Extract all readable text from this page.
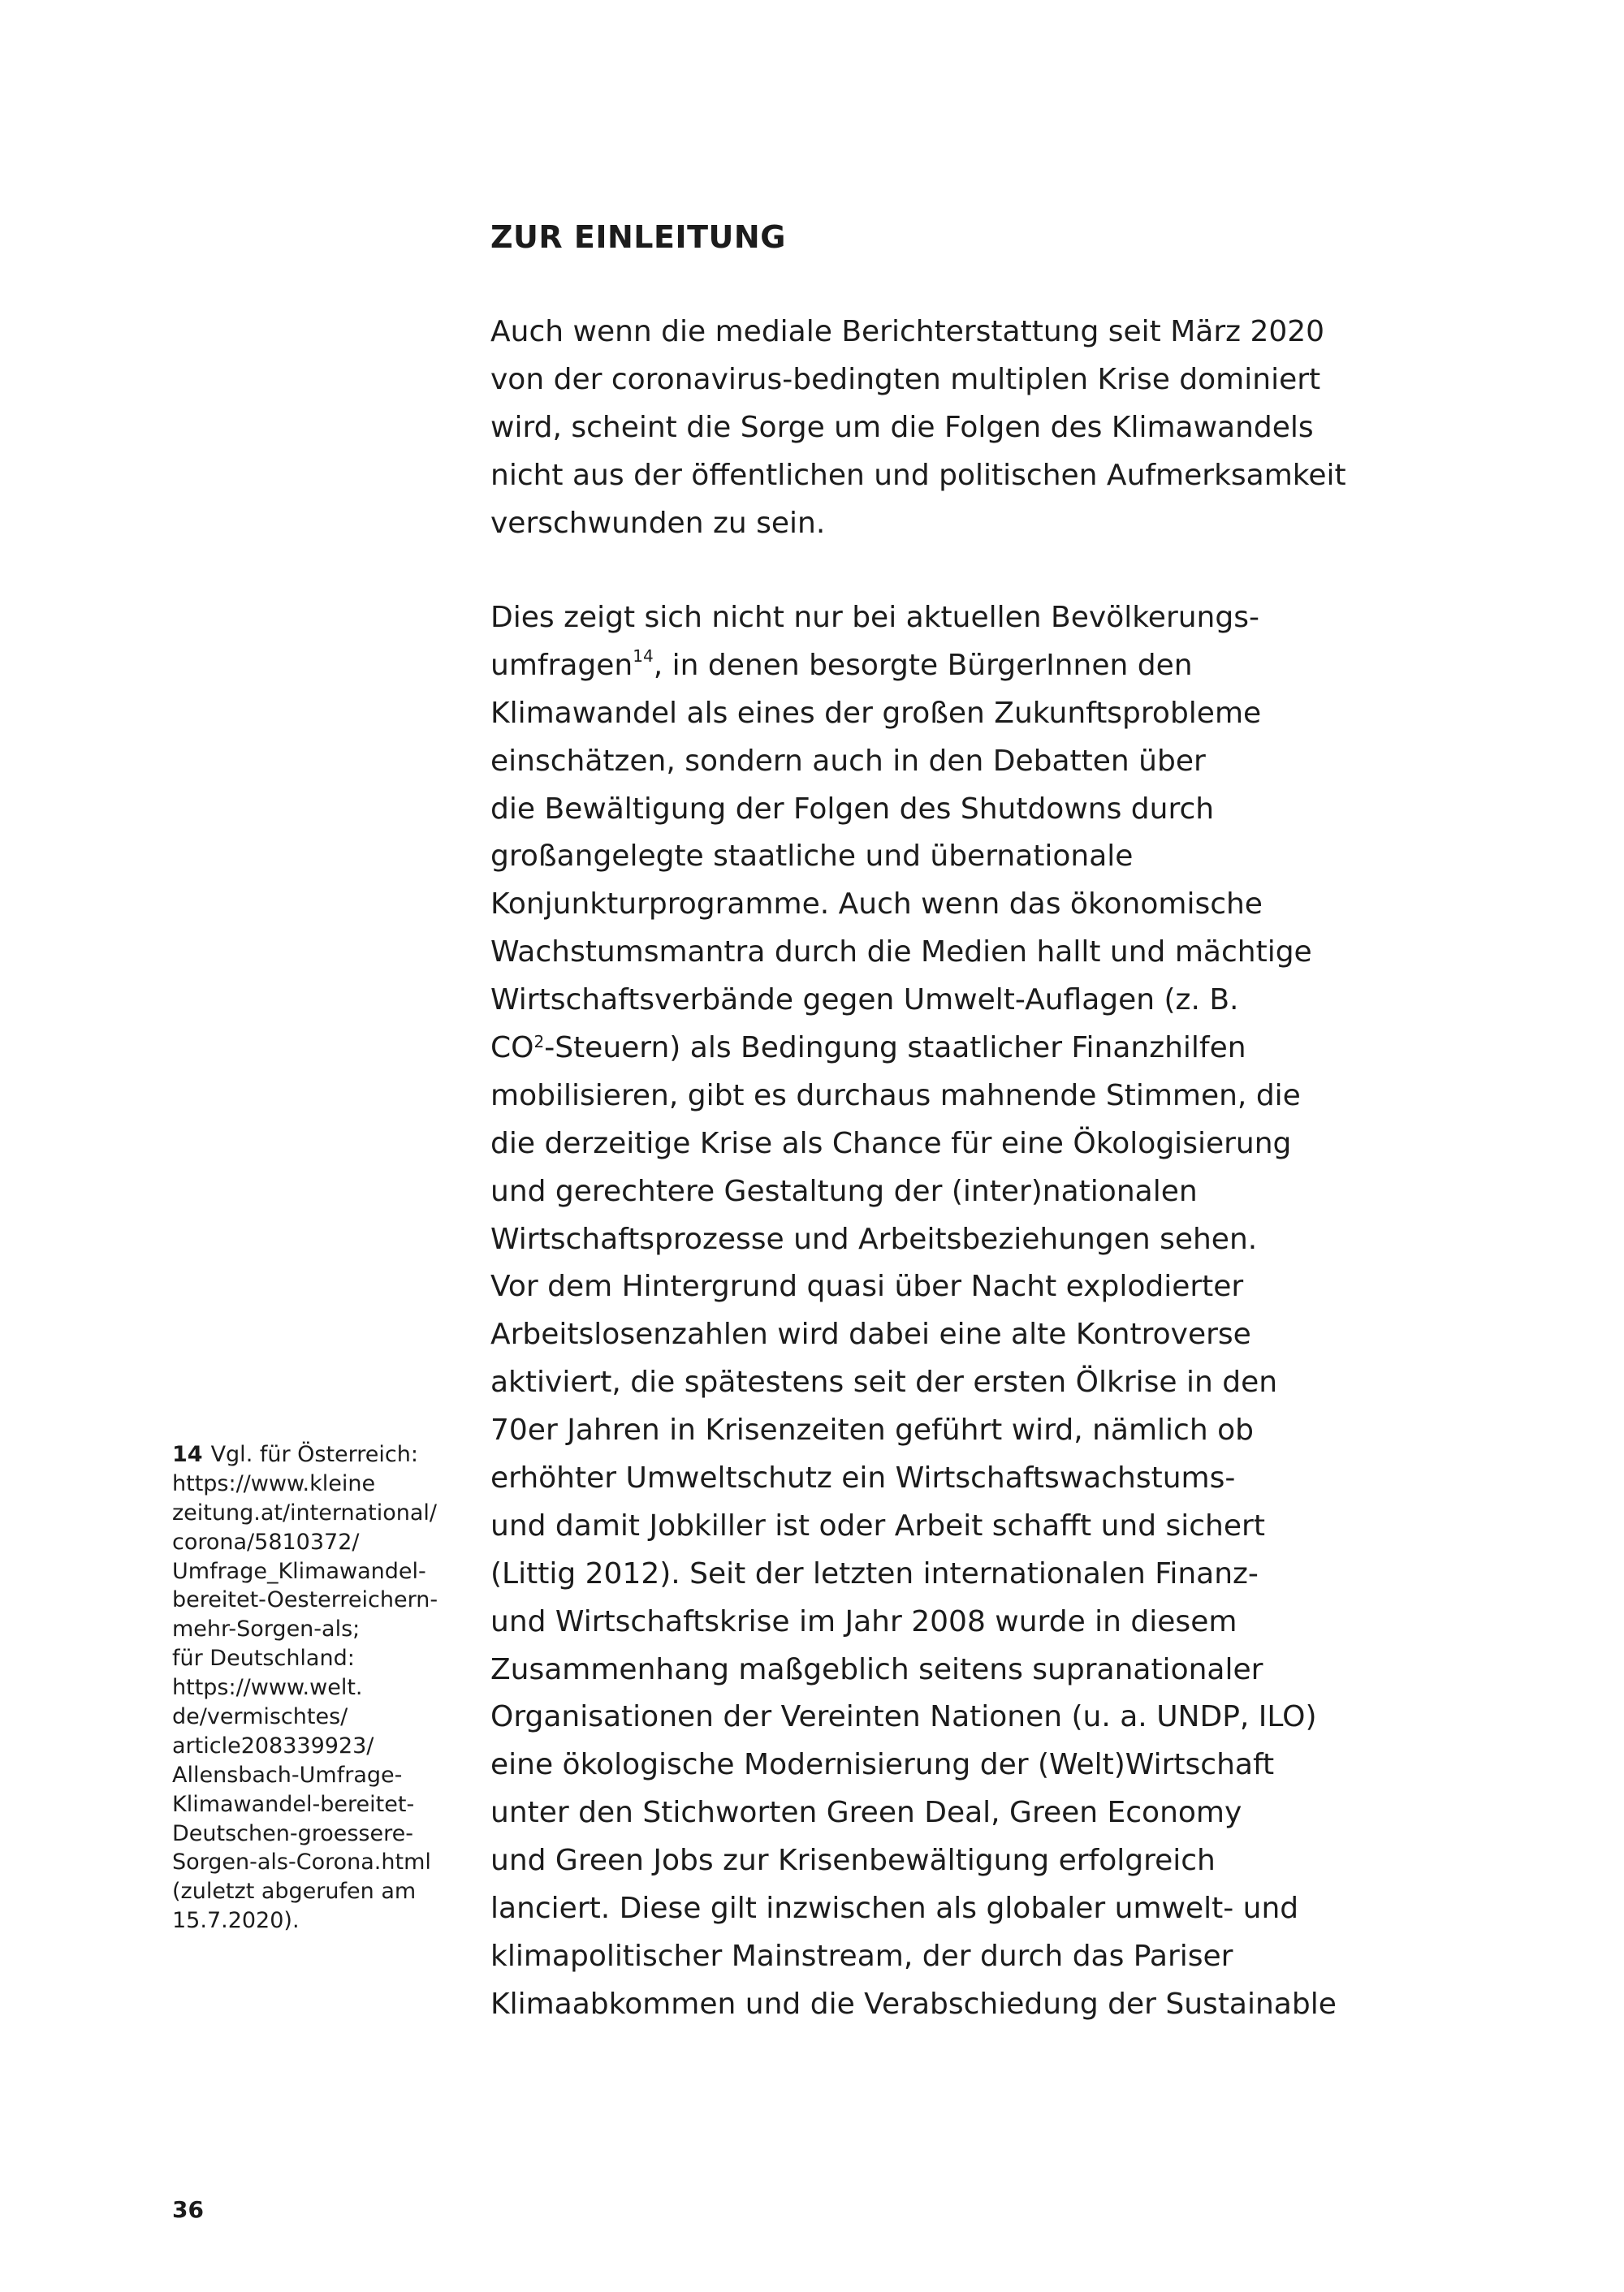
ZUR EINLEITUNG
Auch wenn die mediale Berichterstattung seit März 2020
von der coronavirus-bedingten multiplen Krise dominiert
wird, scheint die Sorge um die Folgen des Klimawandels
nicht aus der öffentlichen und politischen Aufmerksamkeit
verschwunden zu sein.
Dies zeigt sich nicht nur bei aktuellen Bevölkerungs-
umfragen$^{14}$, in denen besorgte BürgerInnen den
Klimawandel als eines der großen Zukunftsprobleme
einschätzen, sondern auch in den Debatten über
die Bewältigung der Folgen des Shutdowns durch
großangelegte staatliche und übernationale
Konjunkturprogramme. Auch wenn das ökonomische
Wachstumsmantra durch die Medien hallt und mächtige
Wirtschaftsverbände gegen Umwelt-Auflagen (z. B.
$CO^2-Steuern$) als Bedingung staatlicher Finanzhilfen
mobilisieren, gibt es durchaus mahnende Stimmen, die
die derzeitige Krise als Chance für eine Ökologisierung
und gerechtere Gestaltung der (inter)nationalen
Wirtschaftsprozesse und Arbeitsbeziehungen sehen.
Vor dem Hintergrund quasi über Nacht explodierter
Arbeitslosenzahlen wird dabei eine alte Kontroverse
aktiviert, die spätestens seit der ersten Ölkrise in den
70er Jahren in Krisenzeiten geführt wird, nämlich ob
erhöhter Umweltschutz ein Wirtschaftswachstums-
und damit Jobkiller ist oder Arbeit schafft und sichert
(Littig 2012). Seit der letzten internationalen Finanz-
und Wirtschaftskrise im Jahr 2008 wurde in diesem
Zusammenhang maßgeblich seitens supranationaler
Organisationen der Vereinten Nationen (u. a. UNDP, ILO)
eine ökologische Modernisierung der (Welt)Wirtschaft
unter den Stichworten Green Deal, Green Economy
und Green Jobs zur Krisenbewältigung erfolgreich
lanciert. Diese gilt inzwischen als globaler umwelt- und
klimapolitischer Mainstream, der durch das Pariser
Klimaabkommen und die Verabschiedung der Sustainable
14 Vgl. für Österreich:
https://www.kleine
zeitung.at/international/
corona/5810372/
Umfrage_Klimawandel-
bereitet-Oesterreichern-
mehr-Sorgen-als;
für Deutschland:
https://www.welt.
de/vermischtes/
article208339923/
Allensbach-Umfrage-
Klimawandel-bereitet-
Deutschen-groessere-
Sorgen-als-Corona.html
(zuletzt abgerufen am
15.7.2020).
36
